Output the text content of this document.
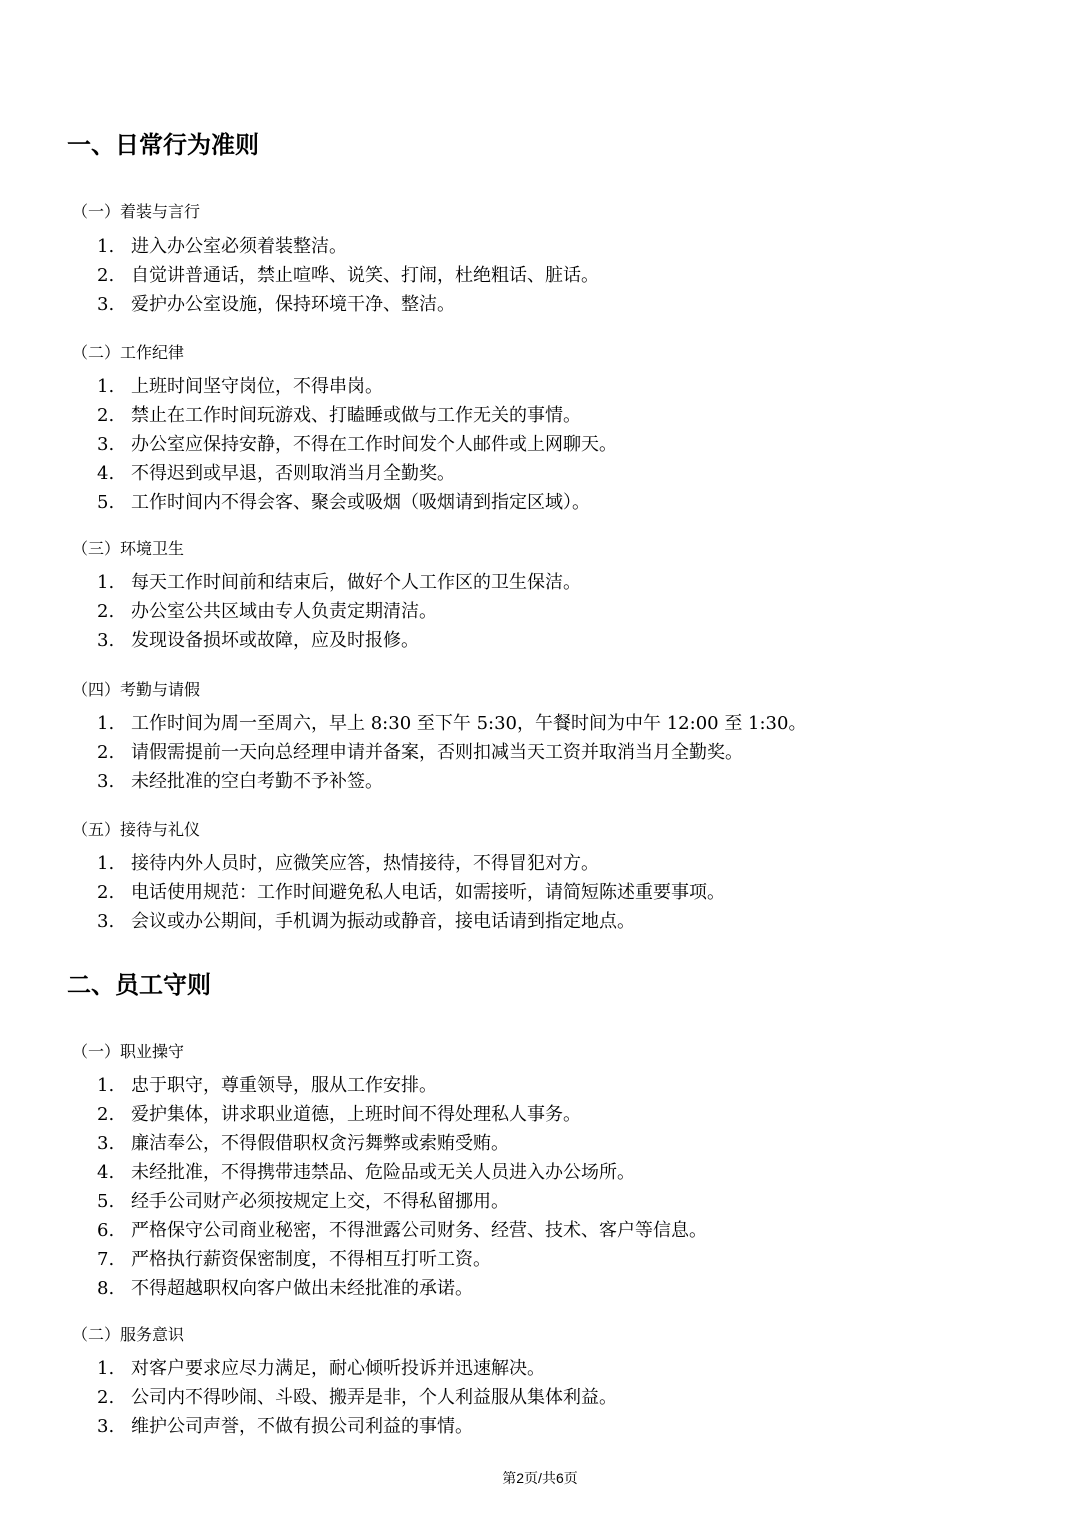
一、日常行为准则
（一）着装与言行
1. 进入办公室必须着装整洁。
2. 自觉讲普通话，禁止喧哗、说笑、打闹，杜绝粗话、脏话。
3. 爱护办公室设施，保持环境干净、整洁。
（二）工作纪律
1. 上班时间坚守岗位，不得串岗。
2. 禁止在工作时间玩游戏、打瞌睡或做与工作无关的事情。
3. 办公室应保持安静，不得在工作时间发个人邮件或上网聊天。
4. 不得迟到或早退，否则取消当月全勤奖。
5. 工作时间内不得会客、聚会或吸烟（吸烟请到指定区域）。
（三）环境卫生
1. 每天工作时间前和结束后，做好个人工作区的卫生保洁。
2. 办公室公共区域由专人负责定期清洁。
3. 发现设备损坏或故障，应及时报修。
（四）考勤与请假
1. 工作时间为周一至周六，早上 8:30 至下午 5:30，午餐时间为中午 12:00 至 1:30。
2. 请假需提前一天向总经理申请并备案，否则扣减当天工资并取消当月全勤奖。
3. 未经批准的空白考勤不予补签。
（五）接待与礼仪
1. 接待内外人员时，应微笑应答，热情接待，不得冒犯对方。
2. 电话使用规范：工作时间避免私人电话，如需接听，请简短陈述重要事项。
3. 会议或办公期间，手机调为振动或静音，接电话请到指定地点。
二、员工守则
（一）职业操守
1. 忠于职守，尊重领导，服从工作安排。
2. 爱护集体，讲求职业道德，上班时间不得处理私人事务。
3. 廉洁奉公，不得假借职权贪污舞弊或索贿受贿。
4. 未经批准，不得携带违禁品、危险品或无关人员进入办公场所。
5. 经手公司财产必须按规定上交，不得私留挪用。
6. 严格保守公司商业秘密，不得泄露公司财务、经营、技术、客户等信息。
7. 严格执行薪资保密制度，不得相互打听工资。
8. 不得超越职权向客户做出未经批准的承诺。
（二）服务意识
1. 对客户要求应尽力满足，耐心倾听投诉并迅速解决。
2. 公司内不得吵闹、斗殴、搬弄是非，个人利益服从集体利益。
3. 维护公司声誉，不做有损公司利益的事情。
第2页/共6页
